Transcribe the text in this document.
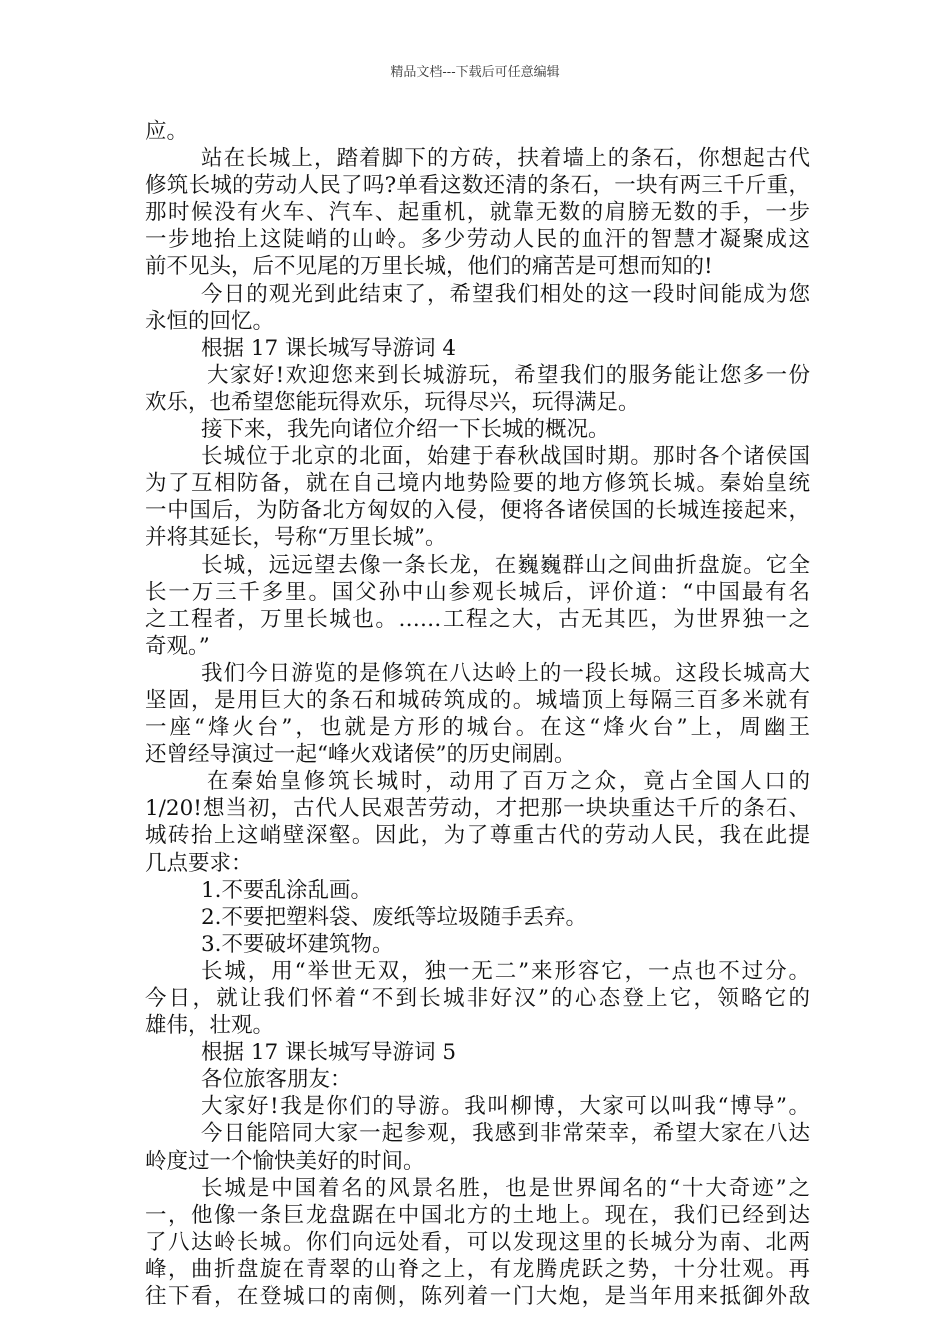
精品文档---下载后可任意编辑
应。
站在长城上，踏着脚下的方砖，扶着墙上的条石，你想起古代
修筑长城的劳动人民了吗?单看这数还清的条石，一块有两三千斤重，
那时候没有火车、汽车、起重机，就靠无数的肩膀无数的手，一步
一步地抬上这陡峭的山岭。多少劳动人民的血汗的智慧才凝聚成这
前不见头，后不见尾的万里长城，他们的痛苦是可想而知的!
今日的观光到此结束了，希望我们相处的这一段时间能成为您
永恒的回忆。
根据 17 课长城写导游词 4
大家好!欢迎您来到长城游玩，希望我们的服务能让您多一份
欢乐，也希望您能玩得欢乐，玩得尽兴，玩得满足。
接下来，我先向诸位介绍一下长城的概况。
长城位于北京的北面，始建于春秋战国时期。那时各个诸侯国
为了互相防备，就在自己境内地势险要的地方修筑长城。秦始皇统
一中国后，为防备北方匈奴的入侵，便将各诸侯国的长城连接起来，
并将其延长，号称“万里长城”。
长城，远远望去像一条长龙，在巍巍群山之间曲折盘旋。它全
长一万三千多里。国父孙中山参观长城后，评价道：“中国最有名
之工程者，万里长城也。……工程之大，古无其匹，为世界独一之
奇观。”
我们今日游览的是修筑在八达岭上的一段长城。这段长城高大
坚固，是用巨大的条石和城砖筑成的。城墙顶上每隔三百多米就有
一座“烽火台”，也就是方形的城台。在这“烽火台”上，周幽王
还曾经导演过一起“峰火戏诸侯”的历史闹剧。
在秦始皇修筑长城时，动用了百万之众，竟占全国人口的
1/20!想当初，古代人民艰苦劳动，才把那一块块重达千斤的条石、
城砖抬上这峭壁深壑。因此，为了尊重古代的劳动人民，我在此提
几点要求：
1.不要乱涂乱画。
2.不要把塑料袋、废纸等垃圾随手丢弃。
3.不要破坏建筑物。
长城，用“举世无双，独一无二”来形容它，一点也不过分。
今日，就让我们怀着“不到长城非好汉”的心态登上它，领略它的
雄伟，壮观。
根据 17 课长城写导游词 5
各位旅客朋友：
大家好!我是你们的导游。我叫柳博，大家可以叫我“博导”。
今日能陪同大家一起参观，我感到非常荣幸，希望大家在八达
岭度过一个愉快美好的时间。
长城是中国着名的风景名胜，也是世界闻名的“十大奇迹”之
一，他像一条巨龙盘踞在中国北方的土地上。现在，我们已经到达
了八达岭长城。你们向远处看，可以发现这里的长城分为南、北两
峰，曲折盘旋在青翠的山脊之上，有龙腾虎跃之势，十分壮观。再
往下看，在登城口的南侧，陈列着一门大炮，是当年用来抵御外敌
